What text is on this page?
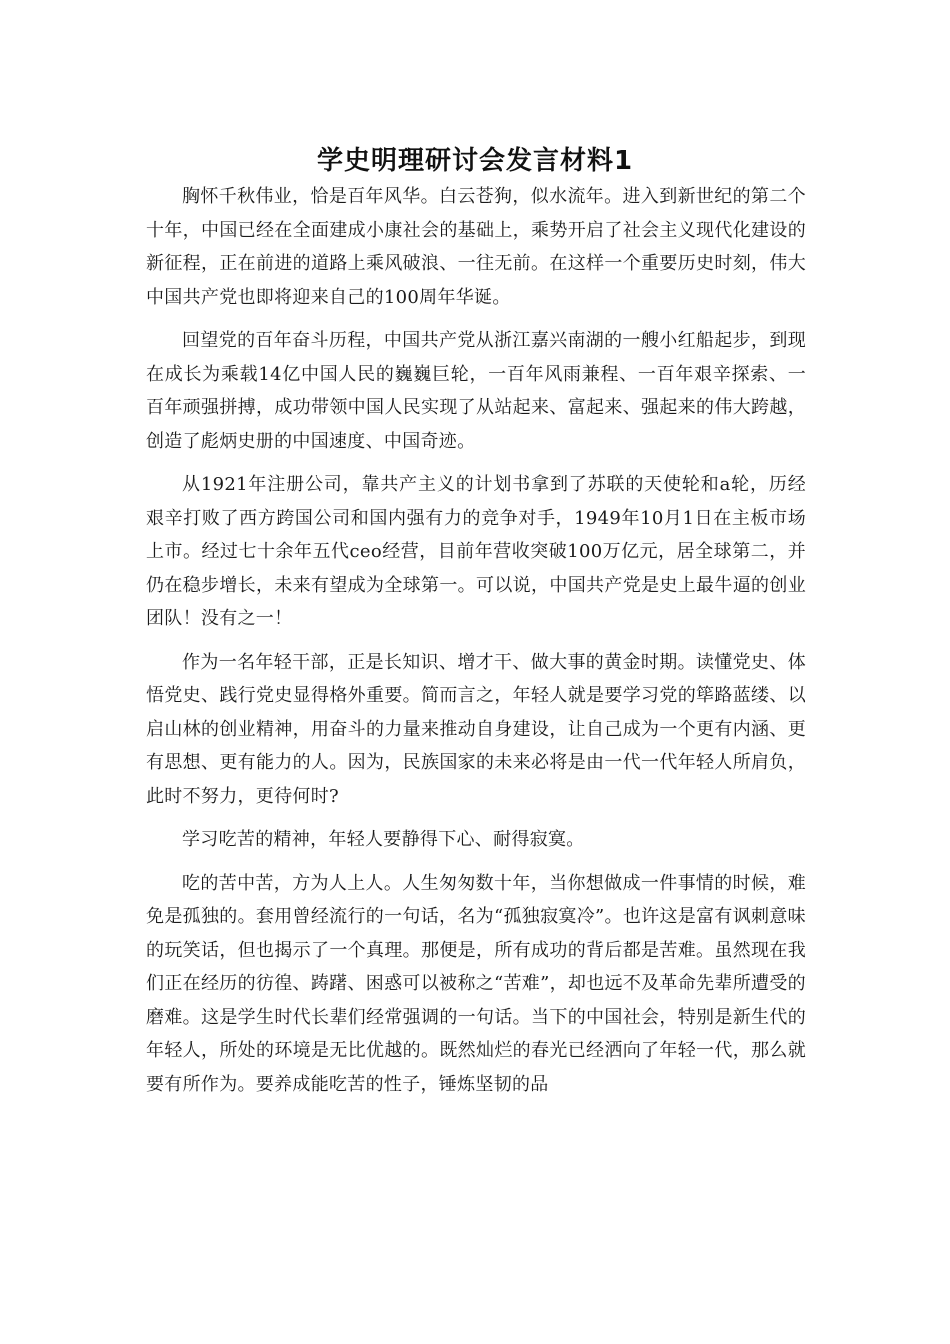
学史明理研讨会发言材料1

胸怀千秋伟业，恰是百年风华。白云苍狗，似水流年。进入到新世纪的第二个十年，中国已经在全面建成小康社会的基础上，乘势开启了社会主义现代化建设的新征程，正在前进的道路上乘风破浪、一往无前。在这样一个重要历史时刻，伟大中国共产党也即将迎来自己的100周年华诞。

回望党的百年奋斗历程，中国共产党从浙江嘉兴南湖的一艘小红船起步，到现在成长为乘载14亿中国人民的巍巍巨轮，一百年风雨兼程、一百年艰辛探索、一百年顽强拼搏，成功带领中国人民实现了从站起来、富起来、强起来的伟大跨越，创造了彪炳史册的中国速度、中国奇迹。

从1921年注册公司，靠共产主义的计划书拿到了苏联的天使轮和a轮，历经艰辛打败了西方跨国公司和国内强有力的竞争对手，1949年10月1日在主板市场上市。经过七十余年五代ceo经营，目前年营收突破100万亿元，居全球第二，并仍在稳步增长，未来有望成为全球第一。可以说，中国共产党是史上最牛逼的创业团队！没有之一！

作为一名年轻干部，正是长知识、增才干、做大事的黄金时期。读懂党史、体悟党史、践行党史显得格外重要。简而言之，年轻人就是要学习党的筚路蓝缕、以启山林的创业精神，用奋斗的力量来推动自身建设，让自己成为一个更有内涵、更有思想、更有能力的人。因为，民族国家的未来必将是由一代一代年轻人所肩负，此时不努力，更待何时?

学习吃苦的精神，年轻人要静得下心、耐得寂寞。

吃的苦中苦，方为人上人。人生匆匆数十年，当你想做成一件事情的时候，难免是孤独的。套用曾经流行的一句话，名为“孤独寂寞冷”。也许这是富有讽刺意味的玩笑话，但也揭示了一个真理。那便是，所有成功的背后都是苦难。虽然现在我们正在经历的彷徨、踌躇、困惑可以被称之“苦难”，却也远不及革命先辈所遭受的磨难。这是学生时代长辈们经常强调的一句话。当下的中国社会，特别是新生代的年轻人，所处的环境是无比优越的。既然灿烂的春光已经洒向了年轻一代，那么就要有所作为。要养成能吃苦的性子，锤炼坚韧的品
